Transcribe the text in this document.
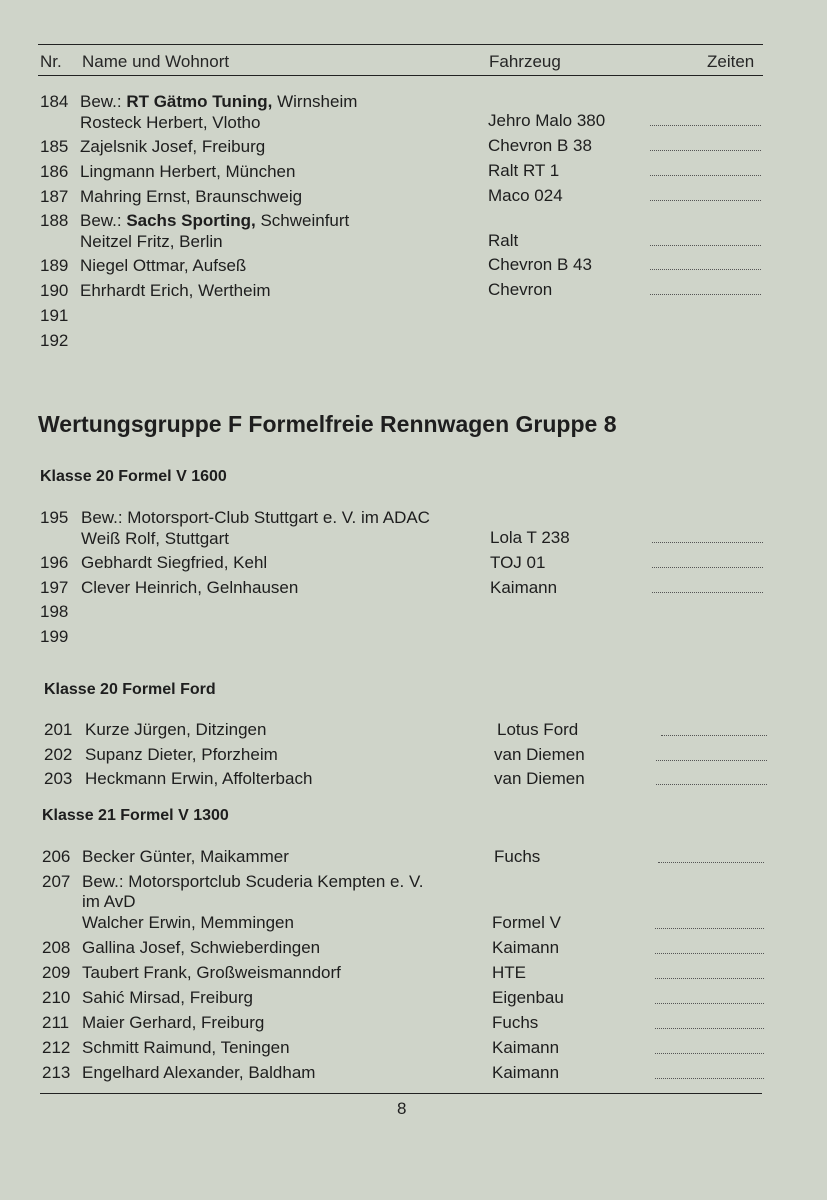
Nr. Name und Wohnort	Fahrzeug	Zeiten
184 Bew.: RT Gätmo Tuning, Wirnsheim
Rosteck Herbert, Vlotho	Jehro Malo 380
185 Zajelsnik Josef, Freiburg	Chevron B 38
186 Lingmann Herbert, München	Ralt RT 1
187 Mahring Ernst, Braunschweig	Maco 024
188 Bew.: Sachs Sporting, Schweinfurt
Neitzel Fritz, Berlin	Ralt
189 Niegel Ottmar, Aufseß	Chevron B 43
190 Ehrhardt Erich, Wertheim	Chevron
191
192
Wertungsgruppe F Formelfreie Rennwagen Gruppe 8
Klasse 20 Formel V 1600
195 Bew.: Motorsport-Club Stuttgart e. V. im ADAC
Weiß Rolf, Stuttgart	Lola T 238
196 Gebhardt Siegfried, Kehl	TOJ 01
197 Clever Heinrich, Gelnhausen	Kaimann
198
199
Klasse 20 Formel Ford
201 Kurze Jürgen, Ditzingen	Lotus Ford
202 Supanz Dieter, Pforzheim	van Diemen
203 Heckmann Erwin, Affolterbach	van Diemen
Klasse 21 Formel V 1300
206 Becker Günter, Maikammer	Fuchs
207 Bew.: Motorsportclub Scuderia Kempten e. V.
im AvD
Walcher Erwin, Memmingen	Formel V
208 Gallina Josef, Schwieberdingen	Kaimann
209 Taubert Frank, Großweismanndorf	HTE
210 Sahić Mirsad, Freiburg	Eigenbau
211 Maier Gerhard, Freiburg	Fuchs
212 Schmitt Raimund, Teningen	Kaimann
213 Engelhard Alexander, Baldham	Kaimann
8
